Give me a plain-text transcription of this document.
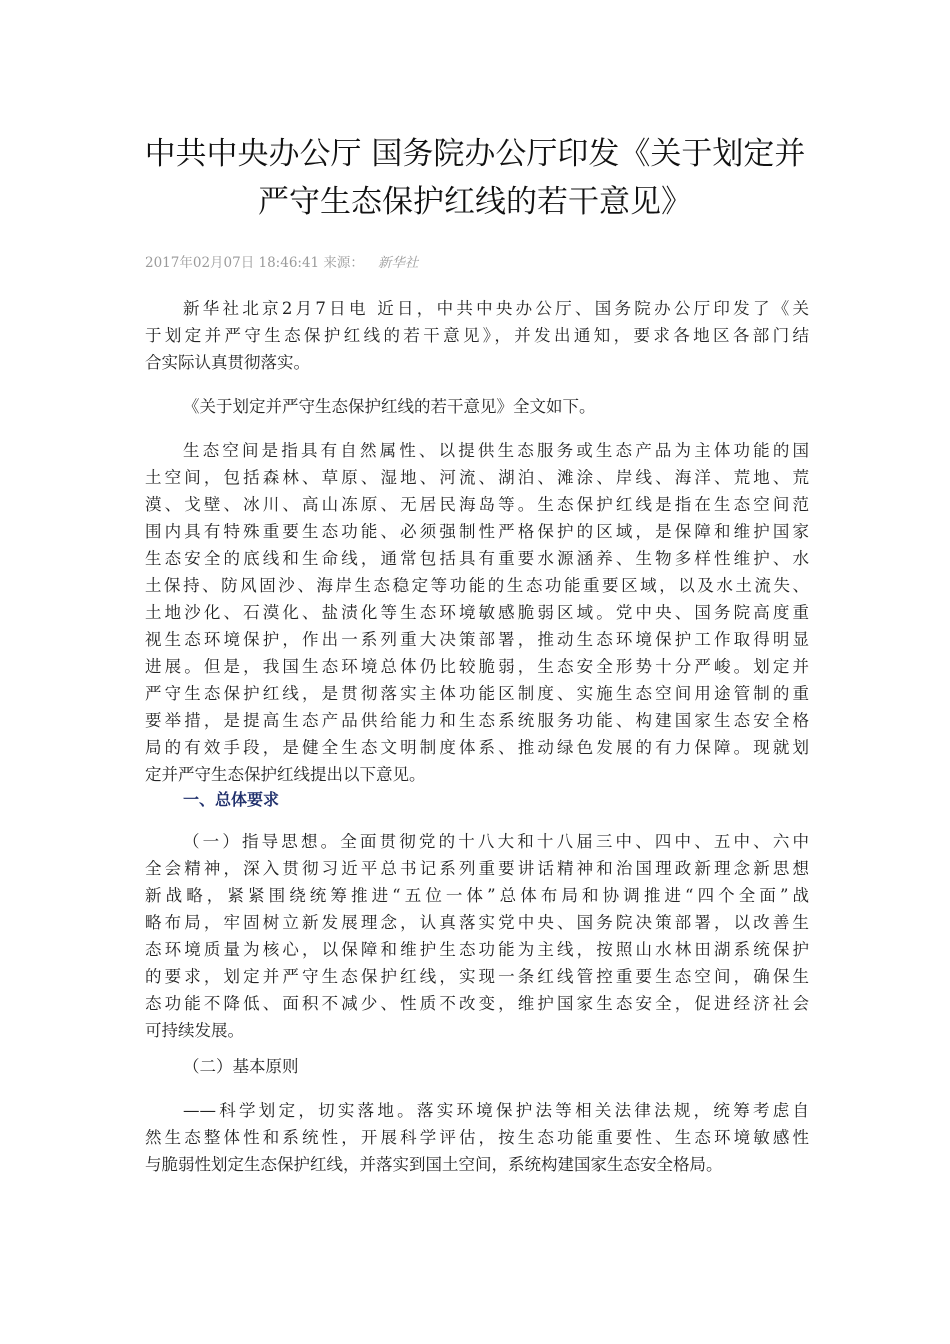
中共中央办公厅 国务院办公厅印发《关于划定并
严守生态保护红线的若干意见》
2017年02月07日 18:46:41 来源： 新华社

新华社北京2月7日电 近日，中共中央办公厅、国务院办公厅印发了《关
于划定并严守生态保护红线的若干意见》，并发出通知，要求各地区各部门结
合实际认真贯彻落实。

《关于划定并严守生态保护红线的若干意见》全文如下。

生态空间是指具有自然属性、以提供生态服务或生态产品为主体功能的国
土空间，包括森林、草原、湿地、河流、湖泊、滩涂、岸线、海洋、荒地、荒
漠、戈壁、冰川、高山冻原、无居民海岛等。生态保护红线是指在生态空间范
围内具有特殊重要生态功能、必须强制性严格保护的区域，是保障和维护国家
生态安全的底线和生命线，通常包括具有重要水源涵养、生物多样性维护、水
土保持、防风固沙、海岸生态稳定等功能的生态功能重要区域，以及水土流失、
土地沙化、石漠化、盐渍化等生态环境敏感脆弱区域。党中央、国务院高度重
视生态环境保护，作出一系列重大决策部署，推动生态环境保护工作取得明显
进展。但是，我国生态环境总体仍比较脆弱，生态安全形势十分严峻。划定并
严守生态保护红线，是贯彻落实主体功能区制度、实施生态空间用途管制的重
要举措，是提高生态产品供给能力和生态系统服务功能、构建国家生态安全格
局的有效手段，是健全生态文明制度体系、推动绿色发展的有力保障。现就划
定并严守生态保护红线提出以下意见。

一、总体要求

（一）指导思想。全面贯彻党的十八大和十八届三中、四中、五中、六中
全会精神，深入贯彻习近平总书记系列重要讲话精神和治国理政新理念新思想
新战略，紧紧围绕统筹推进“五位一体”总体布局和协调推进“四个全面”战
略布局，牢固树立新发展理念，认真落实党中央、国务院决策部署，以改善生
态环境质量为核心，以保障和维护生态功能为主线，按照山水林田湖系统保护
的要求，划定并严守生态保护红线，实现一条红线管控重要生态空间，确保生
态功能不降低、面积不减少、性质不改变，维护国家生态安全，促进经济社会
可持续发展。

（二）基本原则

——科学划定，切实落地。落实环境保护法等相关法律法规，统筹考虑自
然生态整体性和系统性，开展科学评估，按生态功能重要性、生态环境敏感性
与脆弱性划定生态保护红线，并落实到国土空间，系统构建国家生态安全格局。
